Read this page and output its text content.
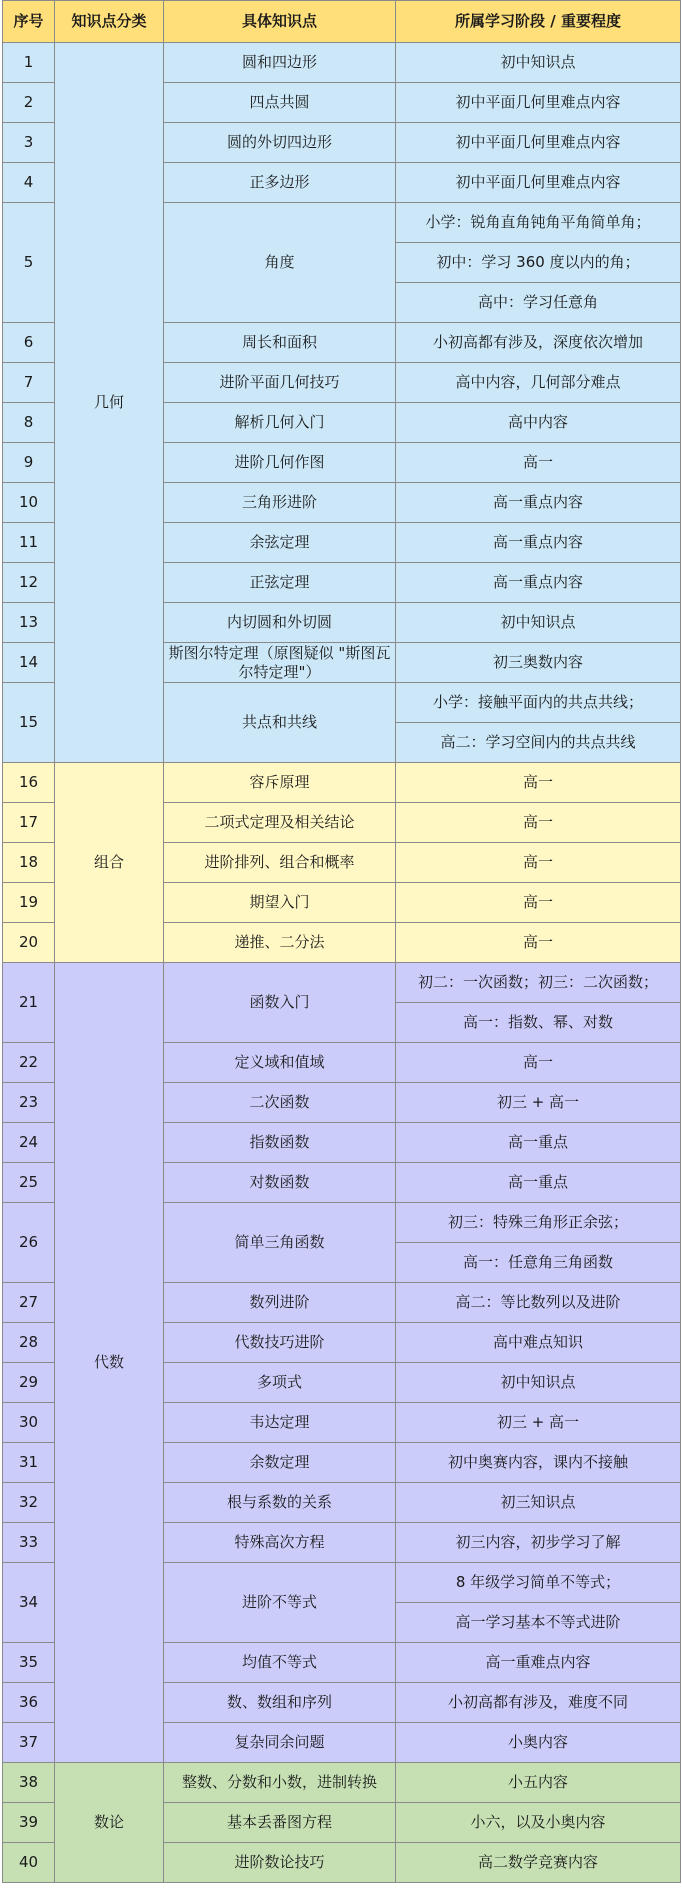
序号	知识点分类	具体知识点	所属学习阶段 / 重要程度
1	几何	圆和四边形	初中知识点
2		四点共圆	初中平面几何里难点内容
3		圆的外切四边形	初中平面几何里难点内容
4		正多边形	初中平面几何里难点内容
5		角度	小学：锐角直角钝角平角简单角；
			初中：学习 360 度以内的角；
			高中：学习任意角
6		周长和面积	小初高都有涉及，深度依次增加
7		进阶平面几何技巧	高中内容，几何部分难点
8		解析几何入门	高中内容
9		进阶几何作图	高一
10		三角形进阶	高一重点内容
11		余弦定理	高一重点内容
12		正弦定理	高一重点内容
13		内切圆和外切圆	初中知识点
14		斯图尔特定理（原图疑似 "斯图瓦尔特定理"）	初三奥数内容
15		共点和共线	小学：接触平面内的共点共线；
			高二：学习空间内的共点共线
16	组合	容斥原理	高一
17		二项式定理及相关结论	高一
18		进阶排列、组合和概率	高一
19		期望入门	高一
20		递推、二分法	高一
21	代数	函数入门	初二：一次函数；初三：二次函数；
			高一：指数、幂、对数
22		定义域和值域	高一
23		二次函数	初三 + 高一
24		指数函数	高一重点
25		对数函数	高一重点
26		简单三角函数	初三：特殊三角形正余弦；
			高一：任意角三角函数
27		数列进阶	高二：等比数列以及进阶
28		代数技巧进阶	高中难点知识
29		多项式	初中知识点
30		韦达定理	初三 + 高一
31		余数定理	初中奥赛内容，课内不接触
32		根与系数的关系	初三知识点
33		特殊高次方程	初三内容，初步学习了解
34		进阶不等式	8 年级学习简单不等式；
			高一学习基本不等式进阶
35		均值不等式	高一重难点内容
36		数、数组和序列	小初高都有涉及，难度不同
37		复杂同余问题	小奥内容
38	数论	整数、分数和小数，进制转换	小五内容
39		基本丢番图方程	小六，以及小奥内容
40		进阶数论技巧	高二数学竞赛内容
